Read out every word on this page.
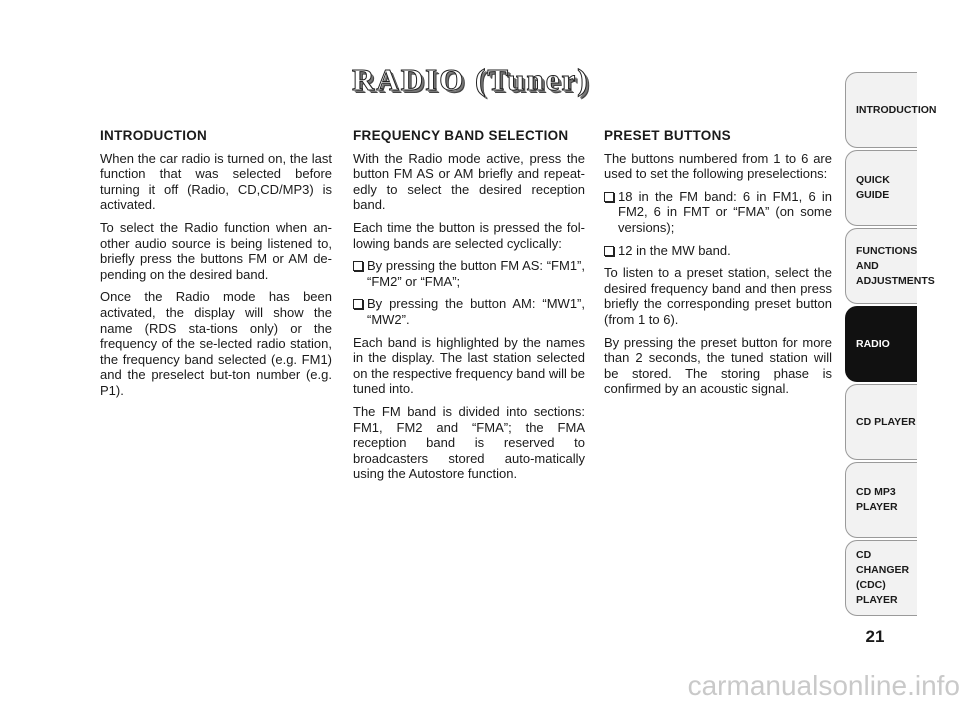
RADIO (Tuner)
INTRODUCTION

When the car radio is turned on, the last function that was selected before turning it off (Radio, CD,CD/MP3) is activated.

To select the Radio function when an-other audio source is being listened to, briefly press the buttons FM or AM de-pending on the desired band.

Once the Radio mode has been activated, the display will show the name (RDS sta-tions only) or the frequency of the se-lected radio station, the frequency band selected (e.g. FM1) and the preselect but-ton number (e.g. P1).

FREQUENCY BAND SELECTION

With the Radio mode active, press the button FM AS or AM briefly and repeat-edly to select the desired reception band.

Each time the button is pressed the fol-lowing bands are selected cyclically:

By pressing the button FM AS: “FM1”, “FM2” or “FMA”;
By pressing the button AM: “MW1”, “MW2”.

Each band is highlighted by the names in the display. The last station selected on the respective frequency band will be tuned into.

The FM band is divided into sections: FM1, FM2 and “FMA”; the FMA reception band is reserved to broadcasters stored auto-matically using the Autostore function.

PRESET BUTTONS

The buttons numbered from 1 to 6 are used to set the following preselections:

18 in the FM band: 6 in FM1, 6 in FM2, 6 in FMT or “FMA” (on some versions);
12 in the MW band.

To listen to a preset station, select the desired frequency band and then press briefly the corresponding preset button (from 1 to 6).

By pressing the preset button for more than 2 seconds, the tuned station will be stored. The storing phase is confirmed by an acoustic signal.

INTRODUCTION
QUICK
GUIDE
FUNCTIONS
AND
ADJUSTMENTS
RADIO
CD PLAYER
CD MP3
PLAYER
CD CHANGER
(CDC) PLAYER
21
carmanualsonline.info
